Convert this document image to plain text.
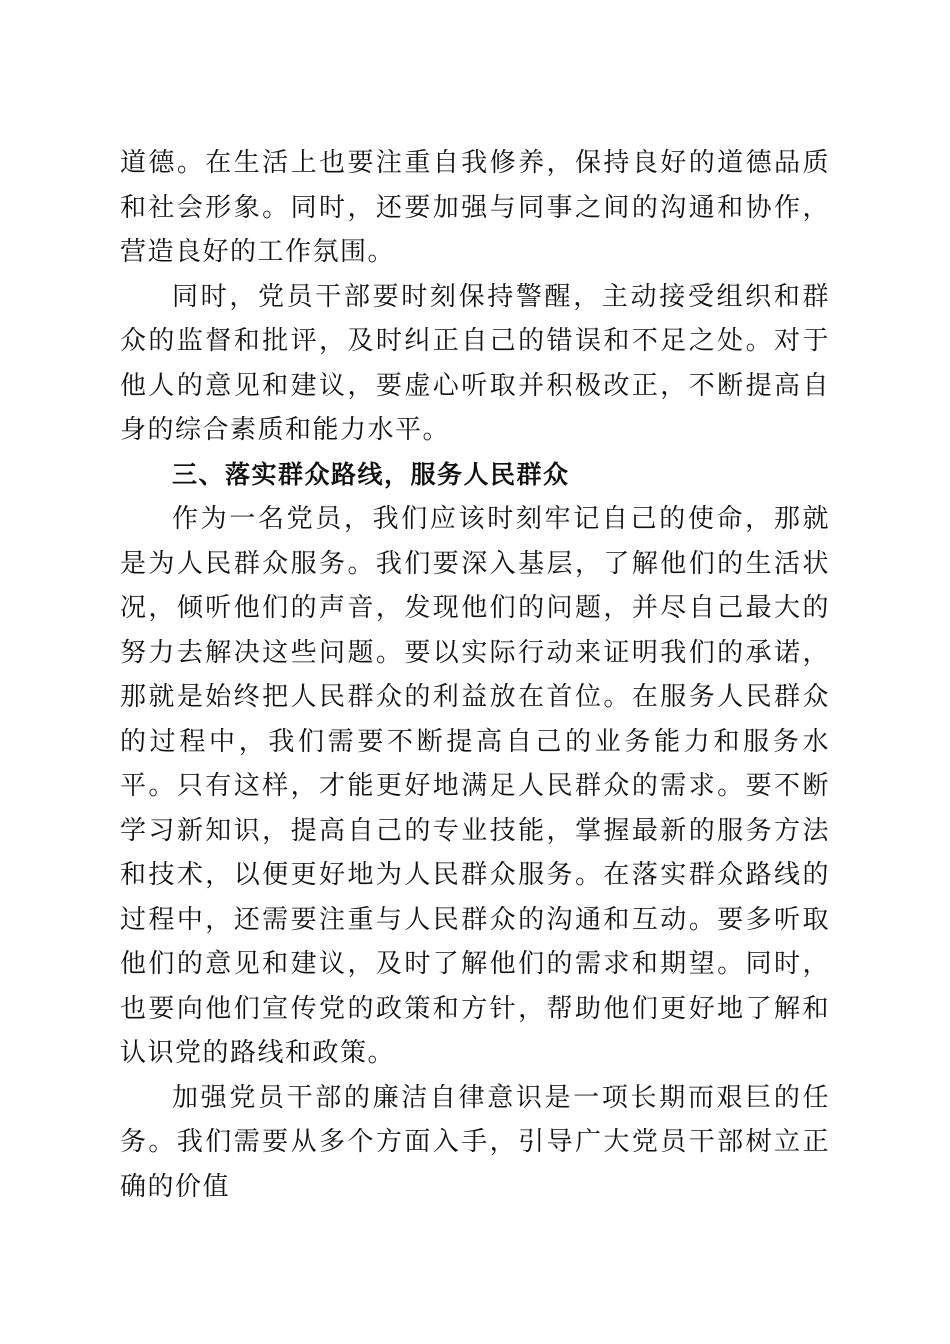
道德。在生活上也要注重自我修养，保持良好的道德品质和社会形象。同时，还要加强与同事之间的沟通和协作，营造良好的工作氛围。

同时，党员干部要时刻保持警醒，主动接受组织和群众的监督和批评，及时纠正自己的错误和不足之处。对于他人的意见和建议，要虚心听取并积极改正，不断提高自身的综合素质和能力水平。

三、落实群众路线，服务人民群众

作为一名党员，我们应该时刻牢记自己的使命，那就是为人民群众服务。我们要深入基层，了解他们的生活状况，倾听他们的声音，发现他们的问题，并尽自己最大的努力去解决这些问题。要以实际行动来证明我们的承诺，那就是始终把人民群众的利益放在首位。在服务人民群众的过程中，我们需要不断提高自己的业务能力和服务水平。只有这样，才能更好地满足人民群众的需求。要不断学习新知识，提高自己的专业技能，掌握最新的服务方法和技术，以便更好地为人民群众服务。在落实群众路线的过程中，还需要注重与人民群众的沟通和互动。要多听取他们的意见和建议，及时了解他们的需求和期望。同时，也要向他们宣传党的政策和方针，帮助他们更好地了解和认识党的路线和政策。

加强党员干部的廉洁自律意识是一项长期而艰巨的任务。我们需要从多个方面入手，引导广大党员干部树立正确的价值
